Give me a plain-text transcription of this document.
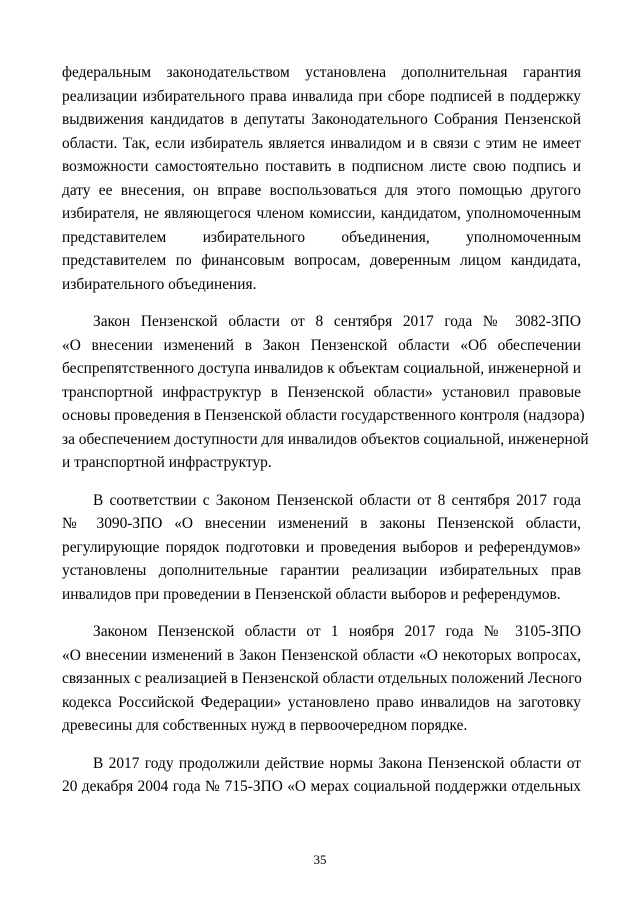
федеральным законодательством установлена дополнительная гарантия
реализации избирательного права инвалида при сборе подписей в поддержку
выдвижения кандидатов в депутаты Законодательного Собрания Пензенской
области. Так, если избиратель является инвалидом и в связи с этим не имеет
возможности самостоятельно поставить в подписном листе свою подпись и
дату ее внесения, он вправе воспользоваться для этого помощью другого
избирателя, не являющегося членом комиссии, кандидатом, уполномоченным
представителем избирательного объединения, уполномоченным
представителем по финансовым вопросам, доверенным лицом кандидата,
избирательного объединения.
Закон Пензенской области от 8 сентября 2017 года № 3082-ЗПО
«О внесении изменений в Закон Пензенской области «Об обеспечении
беспрепятственного доступа инвалидов к объектам социальной, инженерной и
транспортной инфраструктур в Пензенской области» установил правовые
основы проведения в Пензенской области государственного контроля (надзора)
за обеспечением доступности для инвалидов объектов социальной, инженерной
и транспортной инфраструктур.
В соответствии с Законом Пензенской области от 8 сентября 2017 года
№ 3090-ЗПО «О внесении изменений в законы Пензенской области,
регулирующие порядок подготовки и проведения выборов и референдумов»
установлены дополнительные гарантии реализации избирательных прав
инвалидов при проведении в Пензенской области выборов и референдумов.
Законом Пензенской области от 1 ноября 2017 года № 3105-ЗПО
«О внесении изменений в Закон Пензенской области «О некоторых вопросах,
связанных с реализацией в Пензенской области отдельных положений Лесного
кодекса Российской Федерации» установлено право инвалидов на заготовку
древесины для собственных нужд в первоочередном порядке.
В 2017 году продолжили действие нормы Закона Пензенской области от
20 декабря 2004 года № 715-ЗПО «О мерах социальной поддержки отдельных
35
